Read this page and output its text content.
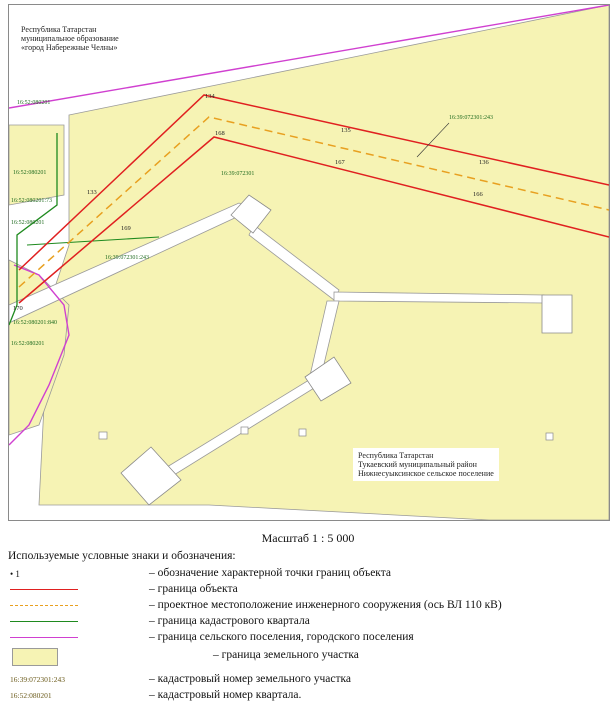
Республика Татарстан
муниципальное образование
«город Набережные Челны»
Республика Татарстан
Тукаевский муниципальный район
Нижнесуыксинское сельское поселение
16:52:080201
16:52:080201
16:52:080201:73
16:52:080201
16:39:072301:243
16:52:080201:840
16:52:080201
16:39:072301
16:39:072301:243
134
135
136
168
167
166
133
169
170
Масштаб 1 : 5 000
Используемые условные знаки и обозначения:
• 1	– обозначение характерной точки границ объекта
– граница объекта
– проектное местоположение инженерного сооружения (ось ВЛ 110 кВ)
– граница кадастрового квартала
– граница сельского поселения, городского поселения
– граница земельного участка
16:39:072301:243	– кадастровый номер земельного участка
16:52:080201	– кадастровый номер квартала.
